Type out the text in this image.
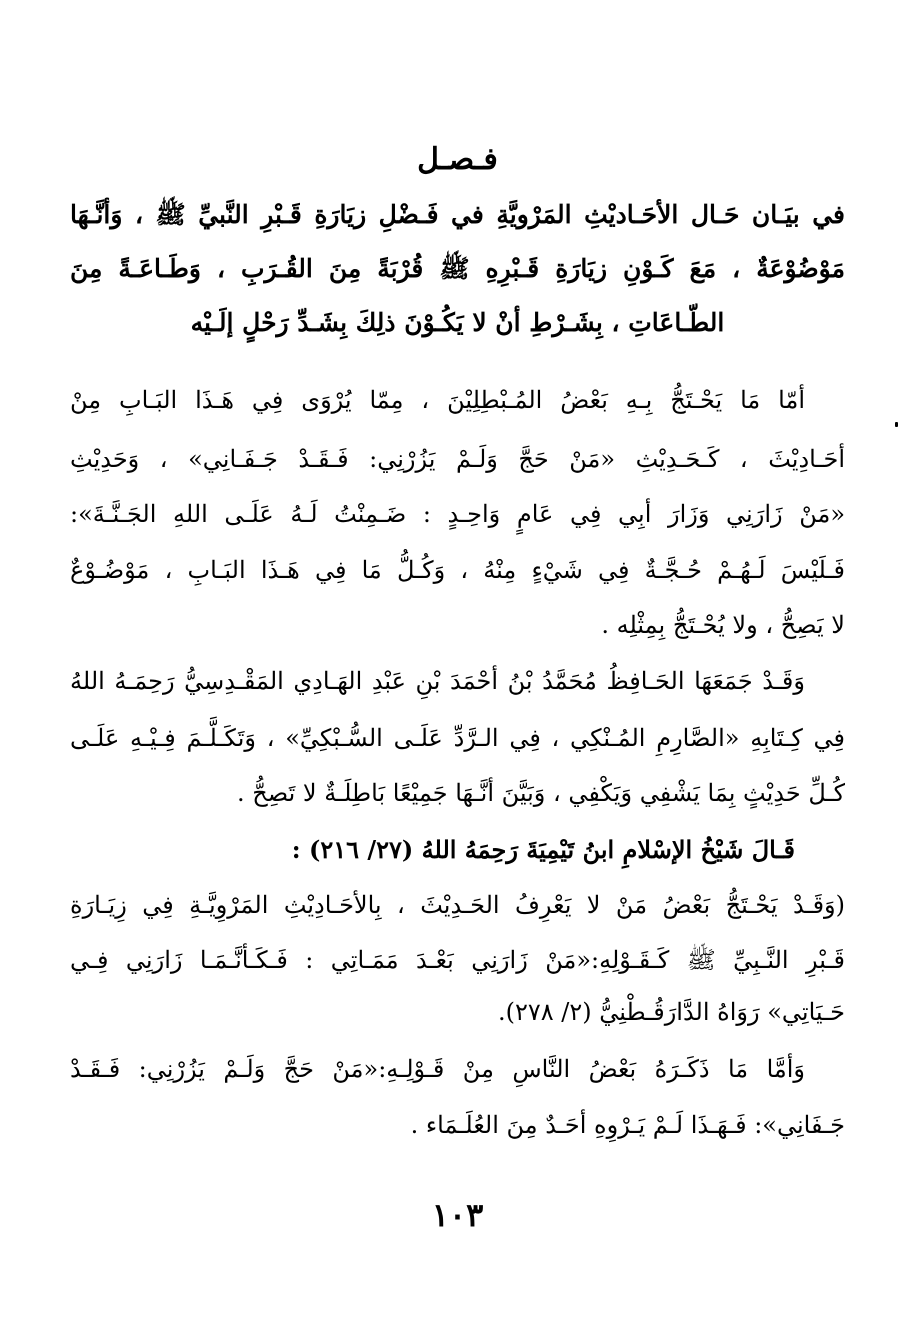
فـصـل
في بيَـان حَـال الأحَـاديْثِ المَرْويَّةِ في فَـضْلِ زيَارَةِ قَـبْرِ النَّبيِّ ﷺ ، وَأنَّـهَا مَوْضُوْعَةٌ ، مَعَ كَـوْنِ زيَارَةِ قَـبْرِهِ ﷺ قُرْبَةً مِنَ القُـرَبِ ، وَطَـاعَـةً مِنَ الطّـاعَاتِ ، بِشَـرْطِ أنْ لا يَكُـوْنَ ذلِكَ بِشَـدِّ رَحْلٍ إلَـيْه
أمّا مَا يَحْـتَجُّ بِـهِ بَعْضُ المُـبْطِلِيْنَ ، مِمّا يُرْوَى فِي هَـذَا البَـابِ مِنْ
أحَـادِيْثَ ، كَـحَـدِيْثِ «مَنْ حَجَّ وَلَـمْ يَزُرْنِي: فَـقَـدْ جَـفَـانِي» ، وَحَدِيْثِ
«مَنْ زَارَنِي وَزَارَ أبِي فِي عَامٍ وَاحِـدٍ : ضَـمِنْتُ لَـهُ عَلَـى اللهِ الجَـنَّـةَ»:
فَـلَيْسَ لَـهُـمْ حُـجَّـةٌ فِي شَيْءٍ مِنْهُ ، وَكُـلُّ مَا فِي هَـذَا البَـابِ ، مَوْضُـوْعٌ
لا يَصِحُّ ، ولا يُحْـتَجُّ بِمِثْلِه .
وَقَـدْ جَمَعَهَا الحَـافِظُ مُحَمَّدُ بْنُ أحْمَدَ بْنِ عَبْدِ الهَـادِي المَقْـدِسِيُّ رَحِمَـهُ اللهُ
فِي كِـتَابِهِ «الصَّارِمِ المُـنْكِي ، فِي الـرَّدِّ عَلَـى السُّـبْكِيِّ» ، وَتَكَـلَّـمَ فِـيْـهِ عَلَـى
كُـلِّ حَدِيْثٍ بِمَا يَشْفِي وَيَكْفِي ، وَبَيَّنَ أنَّـهَا جَمِيْعًا بَاطِلَـةٌ لا تَصِحُّ .
قَـالَ شَيْخُ الإسْلامِ ابنُ تَيْمِيَةَ رَحِمَهُ اللهُ (٢٧/ ٢١٦) :
(وَقَـدْ يَحْـتَجُّ بَعْضُ مَنْ لا يَعْرِفُ الحَـدِيْثَ ، بِالأحَـادِيْثِ المَرْوِيَّـةِ فِي زِيَـارَةِ
قَـبْرِ النَّـبِيِّ ﷺ كَـقَـوْلِهِ:«مَنْ زَارَنِي بَعْـدَ مَمَـاتِي : فَـكَـأنَّـمَـا زَارَنِي فِـي
حَـيَاتِي» رَوَاهُ الدَّارَقُـطْنِيُّ (٢/ ٢٧٨).
وَأمَّا مَا ذَكَـرَهُ بَعْضُ النَّاسِ مِنْ قَـوْلِـهِ:«مَنْ حَجَّ وَلَـمْ يَزُرْنِي: فَـقَـدْ
جَـفَانِي»: فَـهَـذَا لَـمْ يَـرْوِهِ أحَـدٌ مِنَ العُلَـمَاء .
١٠٣
